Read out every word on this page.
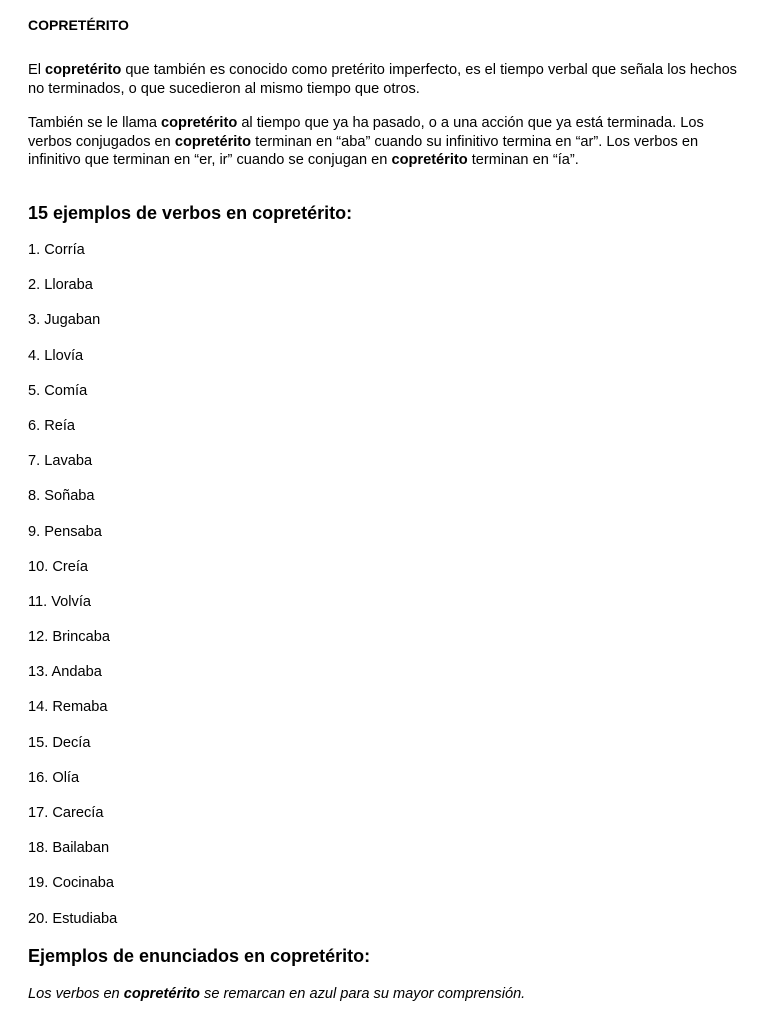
COPRETÉRITO

El copretérito que también es conocido como pretérito imperfecto, es el tiempo verbal que señala los hechos no terminados, o que sucedieron al mismo tiempo que otros.

También se le llama copretérito al tiempo que ya ha pasado, o a una acción que ya está terminada. Los verbos conjugados en copretérito terminan en “aba” cuando su infinitivo termina en “ar”. Los verbos en infinitivo que terminan en “er, ir” cuando se conjugan en copretérito terminan en “ía”.

15 ejemplos de verbos en copretérito:
1. Corría
2. Lloraba
3. Jugaban
4. Llovía
5. Comía
6. Reía
7. Lavaba
8. Soñaba
9. Pensaba
10. Creía
11. Volvía
12. Brincaba
13. Andaba
14. Remaba
15. Decía
16. Olía
17. Carecía
18. Bailaban
19. Cocinaba
20. Estudiaba
Ejemplos de enunciados en copretérito:
Los verbos en copretérito se remarcan en azul para su mayor comprensión.
